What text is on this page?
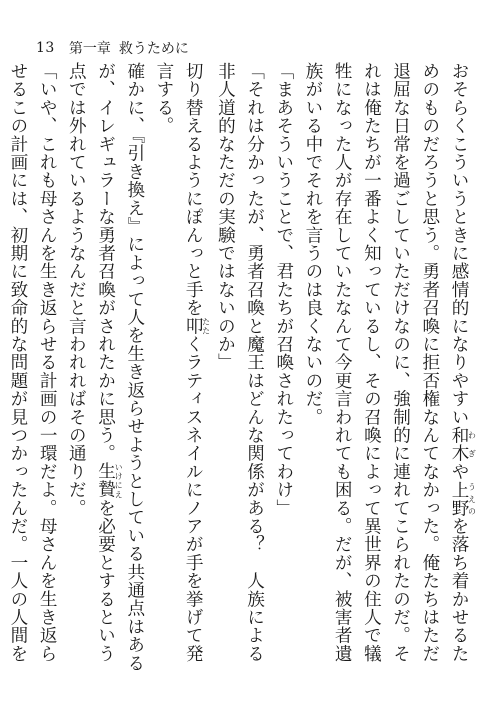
13 第一章 救うために

おそらくこういうときに感情的になりやすい和木わぎや上野うえのを落ち着かせるためのものだろうと思う。勇者召喚に拒否権なんてなかった。俺たちはただ退屈な日常を過ごしていただけなのに、強制的に連れてこられたのだ。それは俺たちが一番よく知っているし、その召喚によって異世界の住人で犠牲になった人が存在していたなんて今更言われても困る。だが、被害者遺族がいる中でそれを言うのは良くないのだ。

「まあそういうことで、君たちが召喚されたってわけ」

「それは分かったが、勇者召喚と魔王はどんな関係がある？　人族による非人道的なただの実験ではないのか」

切り替えるようにぽんっと手を叩たたくラティスネイルにノアが手を挙げて発言する。

確かに、『引き換え』によって人を生き返らせようとしている共通点はあるが、イレギュラーな勇者召喚がされたかに思う。生贄いけにえを必要とするという点では外れているようなんだと言われればその通りだ。

「いや、これも母さんを生き返らせる計画の一環だよ。母さんを生き返らせるこの計画には、初期に致命的な問題が見つかったんだ。一人の人間を
